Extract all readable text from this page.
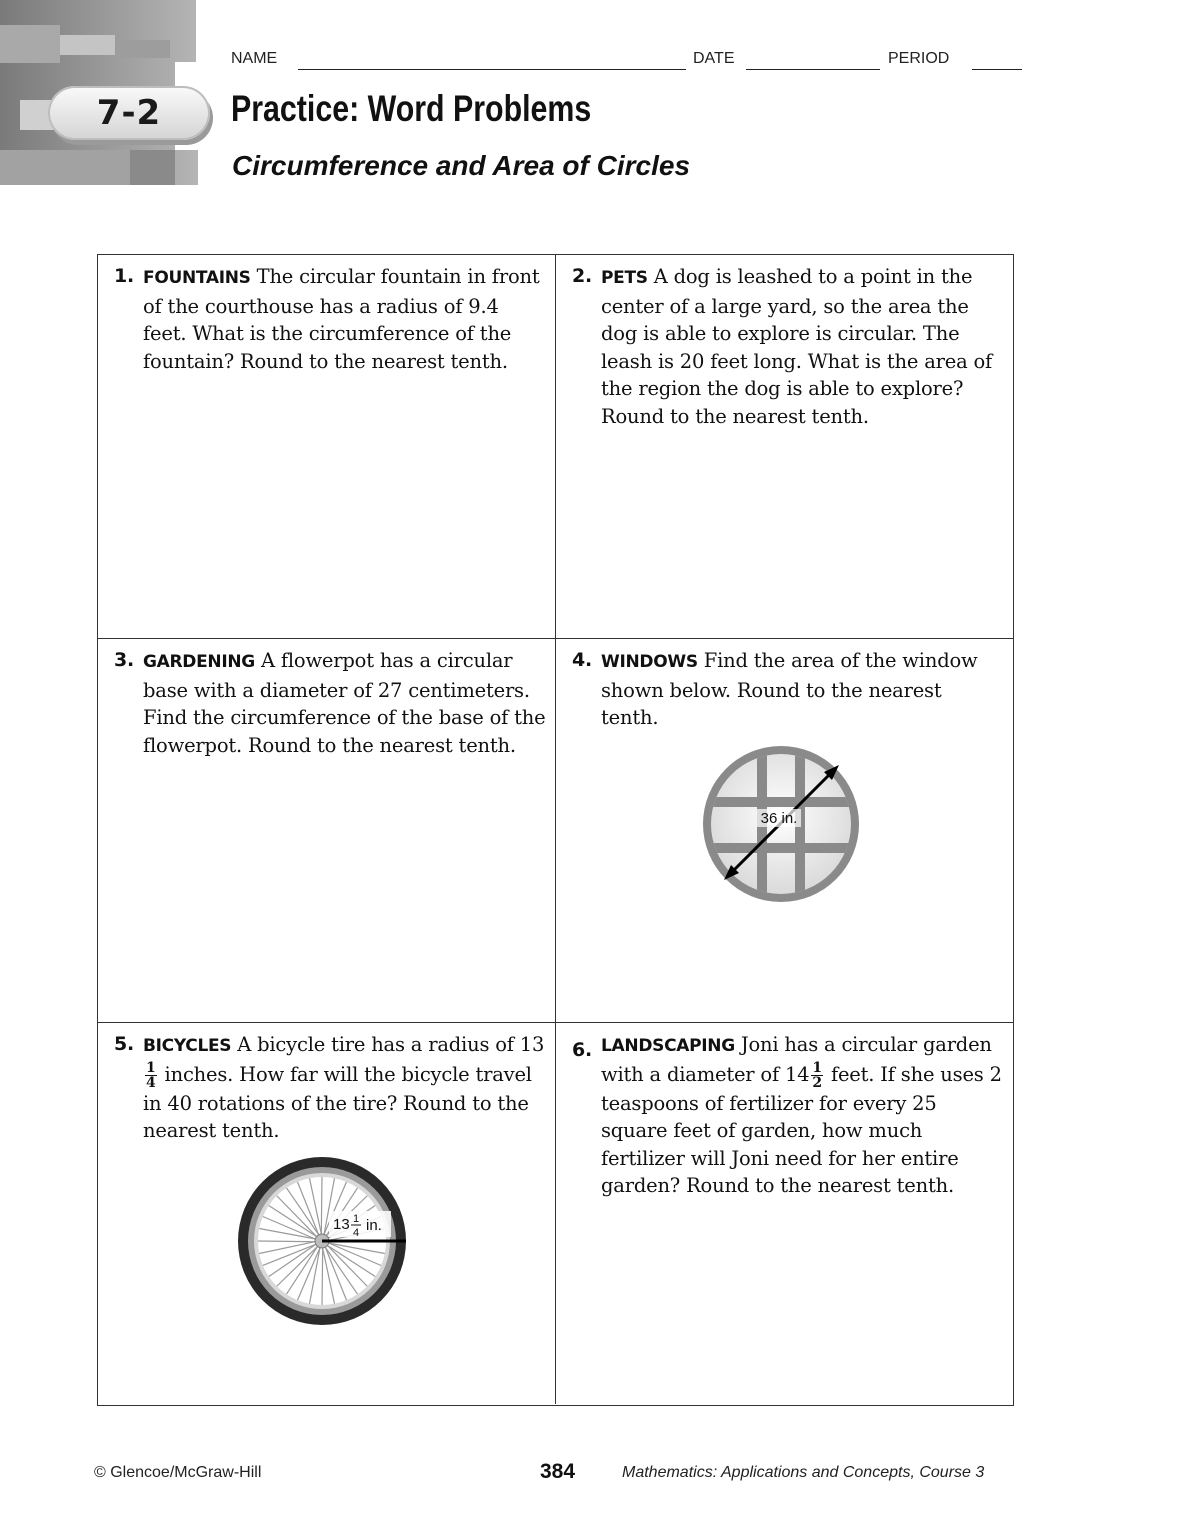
7-2
NAME	DATE	PERIOD
Practice: Word Problems
Circumference and Area of Circles
1. FOUNTAINS The circular fountain in front of the courthouse has a radius of 9.4 feet. What is the circumference of the fountain? Round to the nearest tenth.
2. PETS A dog is leashed to a point in the center of a large yard, so the area the dog is able to explore is circular. The leash is 20 feet long. What is the area of the region the dog is able to explore? Round to the nearest tenth.
3. GARDENING A flowerpot has a circular base with a diameter of 27 centimeters. Find the circumference of the base of the flowerpot. Round to the nearest tenth.
4. WINDOWS Find the area of the window shown below. Round to the nearest tenth.
36 in.
5. BICYCLES A bicycle tire has a radius of 13
$\frac{1}{4}$ inches. How far will the bicycle travel in 40 rotations of the tire? Round to the nearest tenth.
13 1
4 in.
6. LANDSCAPING Joni has a circular garden with a diameter of $14 \frac{1}{2}$ feet. If she uses 2 teaspoons of fertilizer for every 25 square feet of garden, how much fertilizer will Joni need for her entire garden? Round to the nearest tenth.
© Glencoe/McGraw-Hill	384	Mathematics: Applications and Concepts, Course 3
